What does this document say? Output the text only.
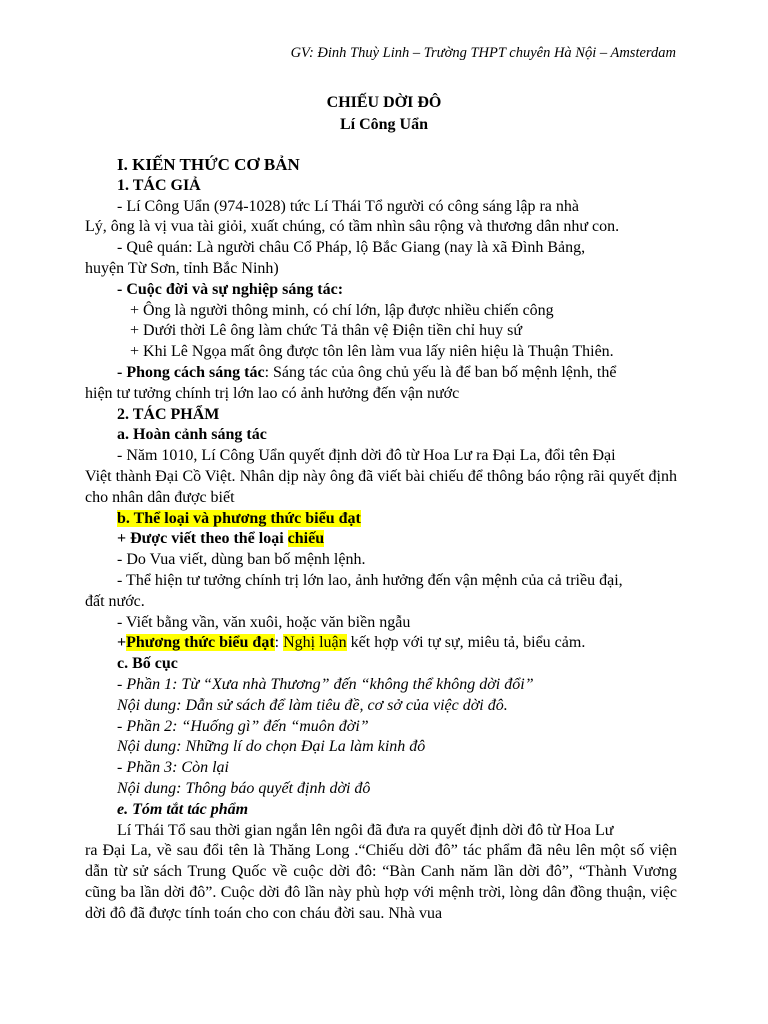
GV: Đinh Thuỳ Linh – Trường THPT chuyên Hà Nội – Amsterdam
CHIẾU DỜI ĐÔ
Lí Công Uẩn

I. KIẾN THỨC CƠ BẢN

1. TÁC GIẢ

- Lí Công Uẩn (974-1028) tức Lí Thái Tổ người có công sáng lập ra nhà

Lý, ông là vị vua tài giỏi, xuất chúng, có tầm nhìn sâu rộng và thương dân như con.

- Quê quán: Là người châu Cổ Pháp, lộ Bắc Giang (nay là xã Đình Bảng,

huyện Từ Sơn, tỉnh Bắc Ninh)

- Cuộc đời và sự nghiệp sáng tác:

+ Ông là người thông minh, có chí lớn, lập được nhiều chiến công

+ Dưới thời Lê ông làm chức Tả thân vệ Điện tiền chỉ huy sứ

+ Khi Lê Ngọa mất ông được tôn lên làm vua lấy niên hiệu là Thuận Thiên.

- Phong cách sáng tác: Sáng tác của ông chủ yếu là để ban bố mệnh lệnh, thể

hiện tư tưởng chính trị lớn lao có ảnh hưởng đến vận nước

2. TÁC PHẨM

a. Hoàn cảnh sáng tác

- Năm 1010, Lí Công Uẩn quyết định dời đô từ Hoa Lư ra Đại La, đổi tên Đại

Việt thành Đại Cồ Việt. Nhân dịp này ông đã viết bài chiếu để thông báo rộng rãi quyết định cho nhân dân được biết

b. Thể loại và phương thức biểu đạt

+ Được viết theo thể loại chiếu

- Do Vua viết, dùng ban bố mệnh lệnh.

- Thể hiện tư tưởng chính trị lớn lao, ảnh hưởng đến vận mệnh của cả triều đại,

đất nước.

- Viết bằng vần, văn xuôi, hoặc văn biền ngẫu

+Phương thức biểu đạt: Nghị luận kết hợp với tự sự, miêu tả, biểu cảm.

c. Bố cục

- Phần 1: Từ “Xưa nhà Thương” đến “không thể không dời đổi”

Nội dung: Dẫn sử sách để làm tiêu đề, cơ sở của việc dời đô.

- Phần 2: “Huống gì” đến “muôn đời”

Nội dung: Những lí do chọn Đại La làm kinh đô

- Phần 3: Còn lại

Nội dung: Thông báo quyết định dời đô

e. Tóm tắt tác phẩm

Lí Thái Tổ sau thời gian ngắn lên ngôi đã đưa ra quyết định dời đô từ Hoa Lư

ra Đại La, về sau đổi tên là Thăng Long .“Chiếu dời đô” tác phẩm đã nêu lên một số viện dẫn từ sử sách Trung Quốc về cuộc dời đô: “Bàn Canh năm lần dời đô”, “Thành Vương cũng ba lần dời đô”. Cuộc dời đô lần này phù hợp với mệnh trời, lòng dân đồng thuận, việc dời đô đã được tính toán cho con cháu đời sau. Nhà vua
